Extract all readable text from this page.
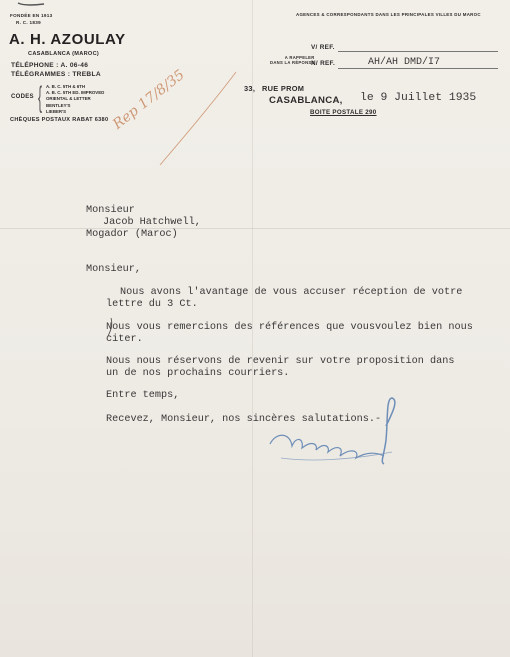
FONDÉE EN 1913
R. C. 1839
A. H. AZOULAY
CASABLANCA (MAROC)
TÉLÉPHONE : A. 06-46
TÉLÉGRAMMES : TREBLA
CODES { A. B. C. 5TH & 6TH
A. B. C. 5TH ED. IMPROVED
ORIENTAL & LETTER
BENTLEY'S
LIEBER'S
CHÈQUES POSTAUX RABAT 6380
AGENCES & CORRESPONDANTS DANS LES PRINCIPALES VILLES DU MAROC
A RAPPELER
DANS LA RÉPONSE
V/ REF.
N/ REF.	AH/AH DMD/I7
33, RUE PROM
CASABLANCA, le 9 Juillet 1935
BOITE POSTALE 290
Rep 17/8/35
Monsieur
Jacob Hatchwell,
Mogador (Maroc)
Monsieur,
Nous avons l'avantage de vous accuser réception de votre
lettre du 3 Ct.
Nous vous remercions des références que vousvoulez bien nous
citer.
Nous nous réservons de revenir sur votre proposition dans
un de nos prochains courriers.
Entre temps,
Recevez, Monsieur, nos sincères salutations.-
